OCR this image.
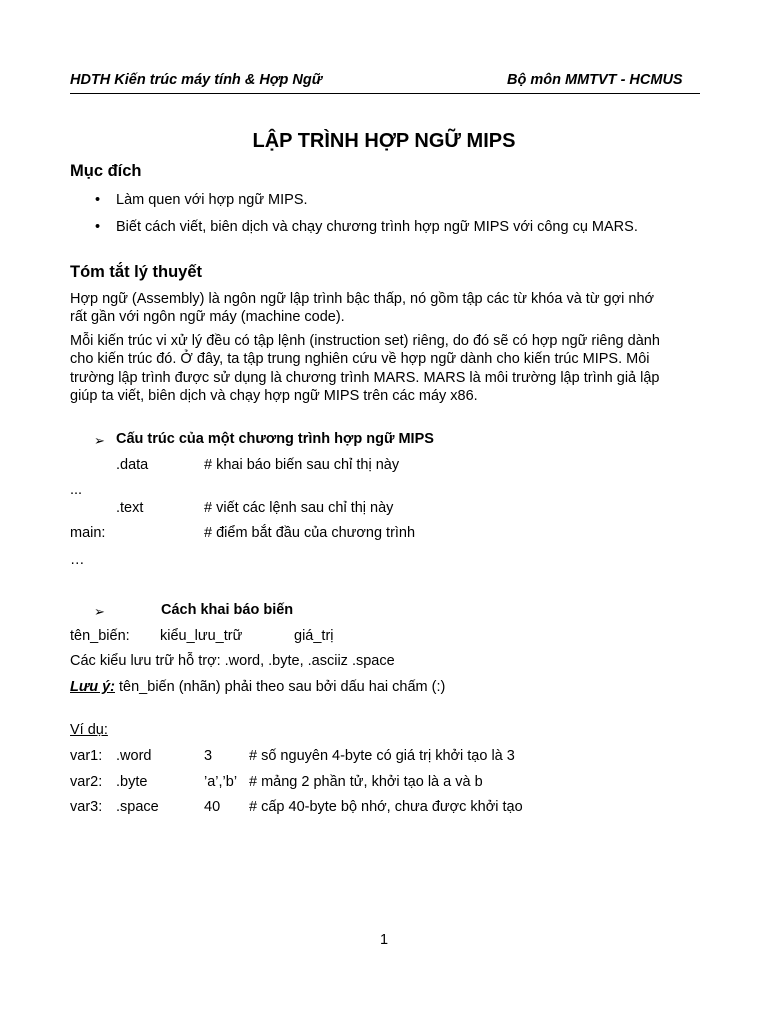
HDTH Kiến trúc máy tính & Hợp Ngữ	Bộ môn MMTVT - HCMUS
LẬP TRÌNH HỢP NGỮ MIPS
Mục đích
• Làm quen với hợp ngữ MIPS.
• Biết cách viết, biên dịch và chạy chương trình hợp ngữ MIPS với công cụ MARS.
Tóm tắt lý thuyết
Hợp ngữ (Assembly) là ngôn ngữ lập trình bậc thấp, nó gồm tập các từ khóa và từ gợi nhớ
rất gần với ngôn ngữ máy (machine code).
Mỗi kiến trúc vi xử lý đều có tập lệnh (instruction set) riêng, do đó sẽ có hợp ngữ riêng dành
cho kiến trúc đó. Ở đây, ta tập trung nghiên cứu về hợp ngữ dành cho kiến trúc MIPS. Môi
trường lập trình được sử dụng là chương trình MARS. MARS là môi trường lập trình giả lập
giúp ta viết, biên dịch và chạy hợp ngữ MIPS trên các máy x86.
➢ Cấu trúc của một chương trình hợp ngữ MIPS
.data	# khai báo biến sau chỉ thị này
...
.text	# viết các lệnh sau chỉ thị này
main:	# điểm bắt đầu của chương trình
…
➢	Cách khai báo biến
tên_biến: kiểu_lưu_trữ	giá_trị
Các kiểu lưu trữ hỗ trợ: .word, .byte, .asciiz .space
Lưu ý: tên_biến (nhãn) phải theo sau bởi dấu hai chấm (:)
Ví dụ:
var1: .word	3	# số nguyên 4-byte có giá trị khởi tạo là 3
var2: .byte	’a’,’b’ # mảng 2 phần tử, khởi tạo là a và b
var3: .space	40 # cấp 40-byte bộ nhớ, chưa được khởi tạo
1
